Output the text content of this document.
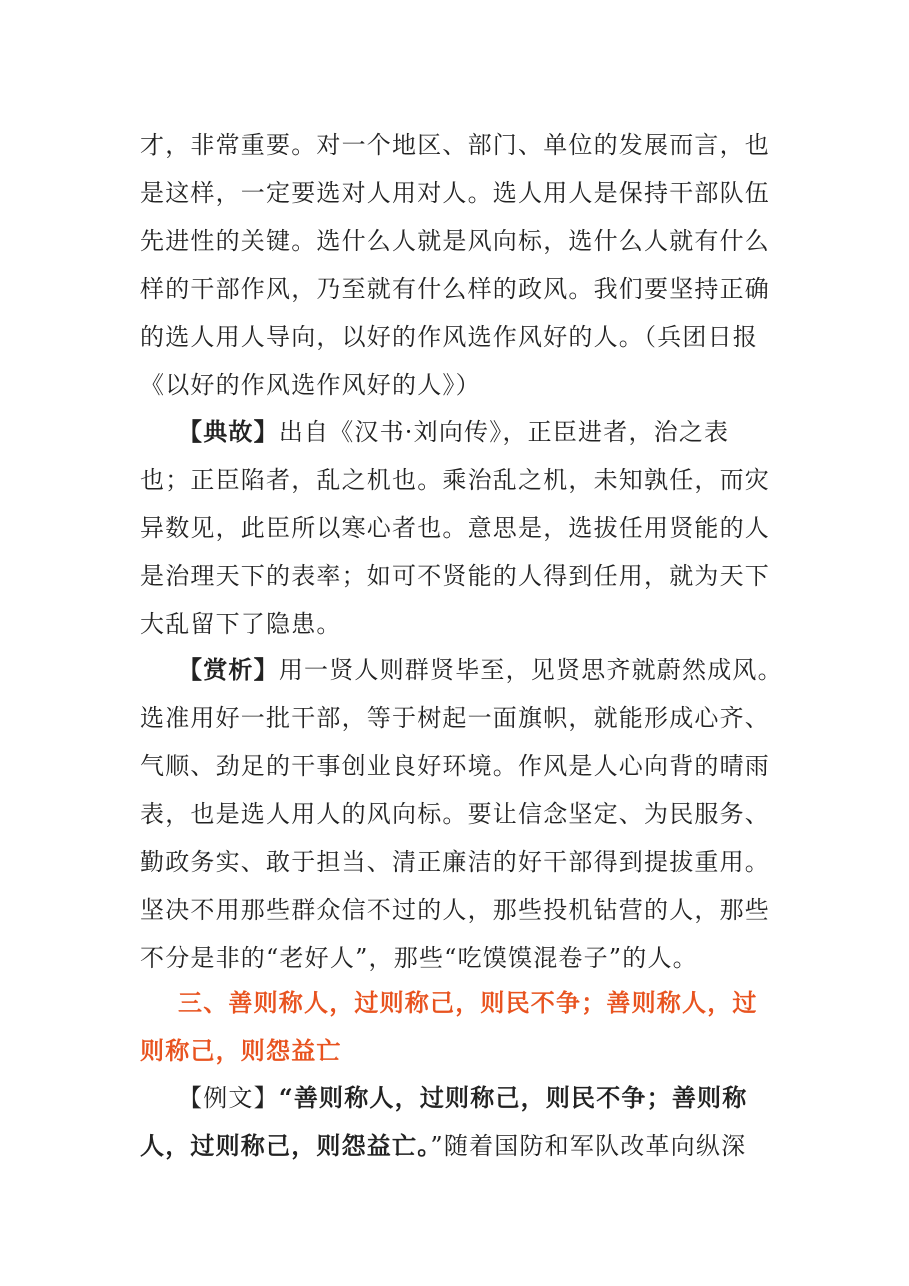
才，非常重要。对一个地区、部门、单位的发展而言，也
是这样，一定要选对人用对人。选人用人是保持干部队伍
先进性的关键。选什么人就是风向标，选什么人就有什么
样的干部作风，乃至就有什么样的政风。我们要坚持正确
的选人用人导向，以好的作风选作风好的人。（兵团日报
《以好的作风选作风好的人》）
【典故】出自《汉书·刘向传》，正臣进者，治之表
也；正臣陷者，乱之机也。乘治乱之机，未知孰任，而灾
异数见，此臣所以寒心者也。意思是，选拔任用贤能的人
是治理天下的表率；如可不贤能的人得到任用，就为天下
大乱留下了隐患。
【赏析】用一贤人则群贤毕至，见贤思齐就蔚然成风。
选准用好一批干部，等于树起一面旗帜，就能形成心齐、
气顺、劲足的干事创业良好环境。作风是人心向背的晴雨
表，也是选人用人的风向标。要让信念坚定、为民服务、
勤政务实、敢于担当、清正廉洁的好干部得到提拔重用。
坚决不用那些群众信不过的人，那些投机钻营的人，那些
不分是非的“老好人”，那些“吃馍馍混卷子”的人。
三、善则称人，过则称己，则民不争；善则称人，过
则称己，则怨益亡
【例文】“善则称人，过则称己，则民不争；善则称
人，过则称己，则怨益亡。”随着国防和军队改革向纵深
